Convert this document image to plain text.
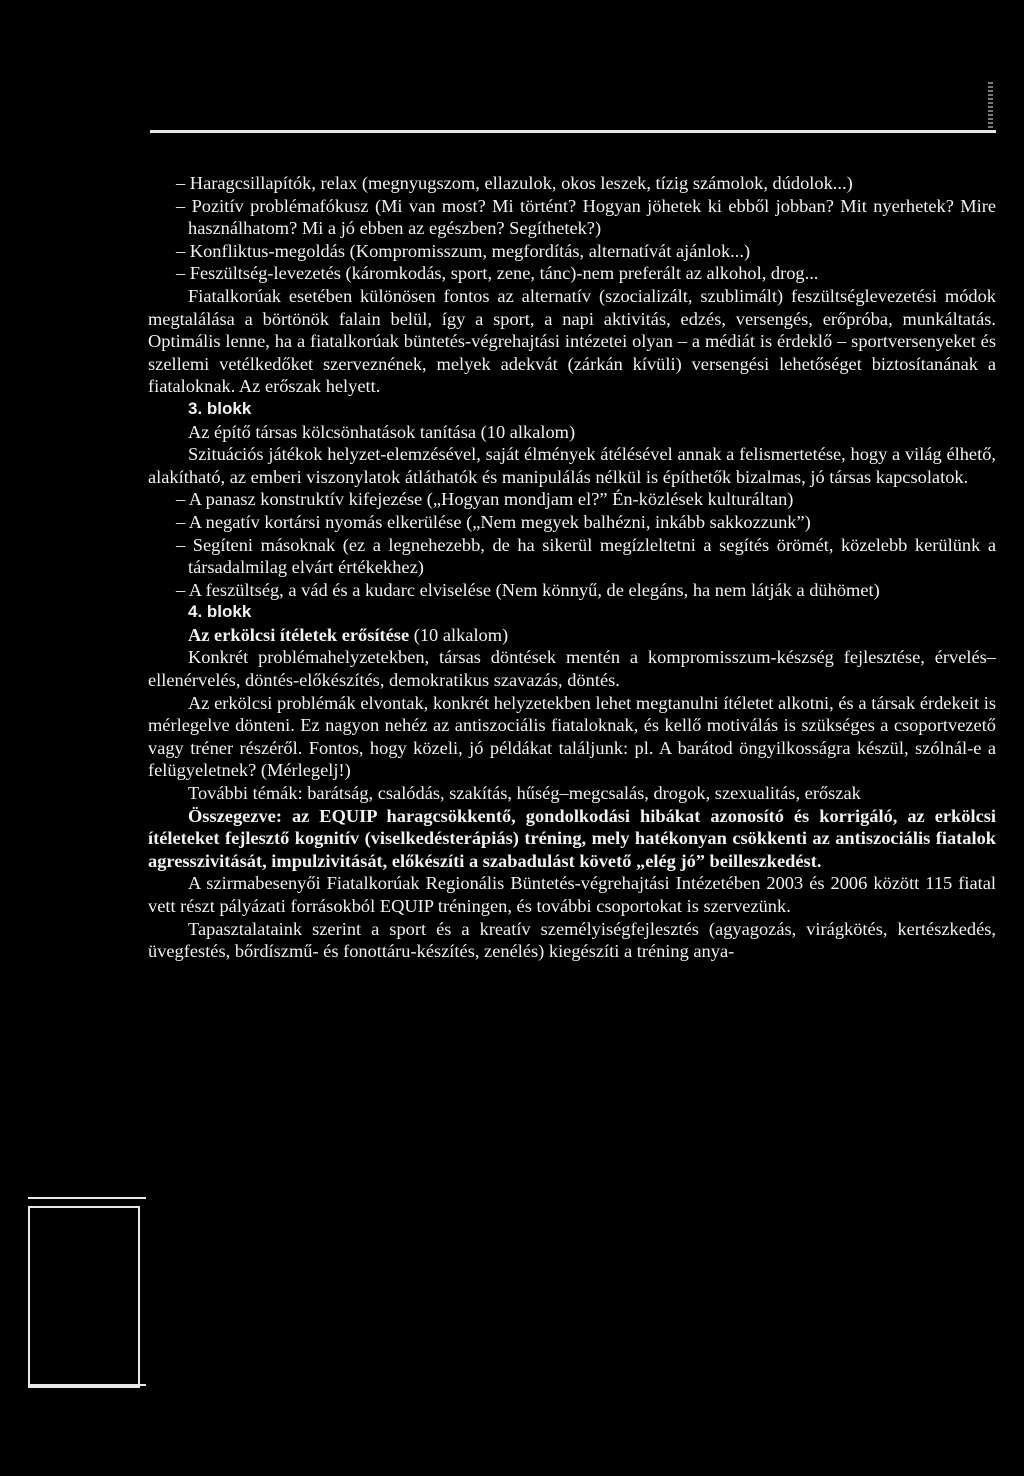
– Haragcsillapítók, relax (megnyugszom, ellazulok, okos leszek, tízig számolok, dúdolok...)

– Pozitív problémafókusz (Mi van most? Mi történt? Hogyan jöhetek ki ebből jobban? Mit nyerhetek? Mire használhatom? Mi a jó ebben az egészben? Segíthetek?)

– Konfliktus-megoldás (Kompromisszum, megfordítás, alternatívát ajánlok...)

– Feszültség-levezetés (káromkodás, sport, zene, tánc)-nem preferált az alkohol, drog...

Fiatalkorúak esetében különösen fontos az alternatív (szocializált, szublimált) feszültséglevezetési módok megtalálása a börtönök falain belül, így a sport, a napi aktivitás, edzés, versengés, erőpróba, munkáltatás. Optimális lenne, ha a fiatalkorúak büntetés-végrehajtási intézetei olyan – a médiát is érdeklő – sportversenyeket és szellemi vetélkedőket szerveznének, melyek adekvát (zárkán kívüli) versengési lehetőséget biztosítanának a fiataloknak. Az erőszak helyett.

3. blokk

Az építő társas kölcsönhatások tanítása (10 alkalom)

Szituációs játékok helyzet-elemzésével, saját élmények átélésével annak a felismertetése, hogy a világ élhető, alakítható, az emberi viszonylatok átláthatók és manipulálás nélkül is építhetők bizalmas, jó társas kapcsolatok.

– A panasz konstruktív kifejezése („Hogyan mondjam el?” Én-közlések kulturáltan)

– A negatív kortársi nyomás elkerülése („Nem megyek balhézni, inkább sakkozzunk”)

– Segíteni másoknak (ez a legnehezebb, de ha sikerül megízleltetni a segítés örömét, közelebb kerülünk a társadalmilag elvárt értékekhez)

– A feszültség, a vád és a kudarc elviselése (Nem könnyű, de elegáns, ha nem látják a dühömet)

4. blokk

Az erkölcsi ítéletek erősítése (10 alkalom)

Konkrét problémahelyzetekben, társas döntések mentén a kompromisszum-készség fejlesztése, érvelés–ellenérvelés, döntés-előkészítés, demokratikus szavazás, döntés.

Az erkölcsi problémák elvontak, konkrét helyzetekben lehet megtanulni ítéletet alkotni, és a társak érdekeit is mérlegelve dönteni. Ez nagyon nehéz az antiszociális fiataloknak, és kellő motiválás is szükséges a csoportvezető vagy tréner részéről. Fontos, hogy közeli, jó példákat találjunk: pl. A barátod öngyilkosságra készül, szólnál-e a felügyeletnek? (Mérlegelj!)

További témák: barátság, csalódás, szakítás, hűség–megcsalás, drogok, szexualitás, erőszak

Összegezve: az EQUIP haragcsökkentő, gondolkodási hibákat azonosító és korrigáló, az erkölcsi ítéleteket fejlesztő kognitív (viselkedésterápiás) tréning, mely hatékonyan csökkenti az antiszociális fiatalok agresszivitását, impulzivitását, előkészíti a szabadulást követő „elég jó” beilleszkedést.

A szirmabesenyői Fiatalkorúak Regionális Büntetés-végrehajtási Intézetében 2003 és 2006 között 115 fiatal vett részt pályázati forrásokból EQUIP tréningen, és további csoportokat is szervezünk.

Tapasztalataink szerint a sport és a kreatív személyiségfejlesztés (agyagozás, virágkötés, kertészkedés, üvegfestés, bőrdíszmű- és fonottáru-készítés, zenélés) kiegészíti a tréning anya-
